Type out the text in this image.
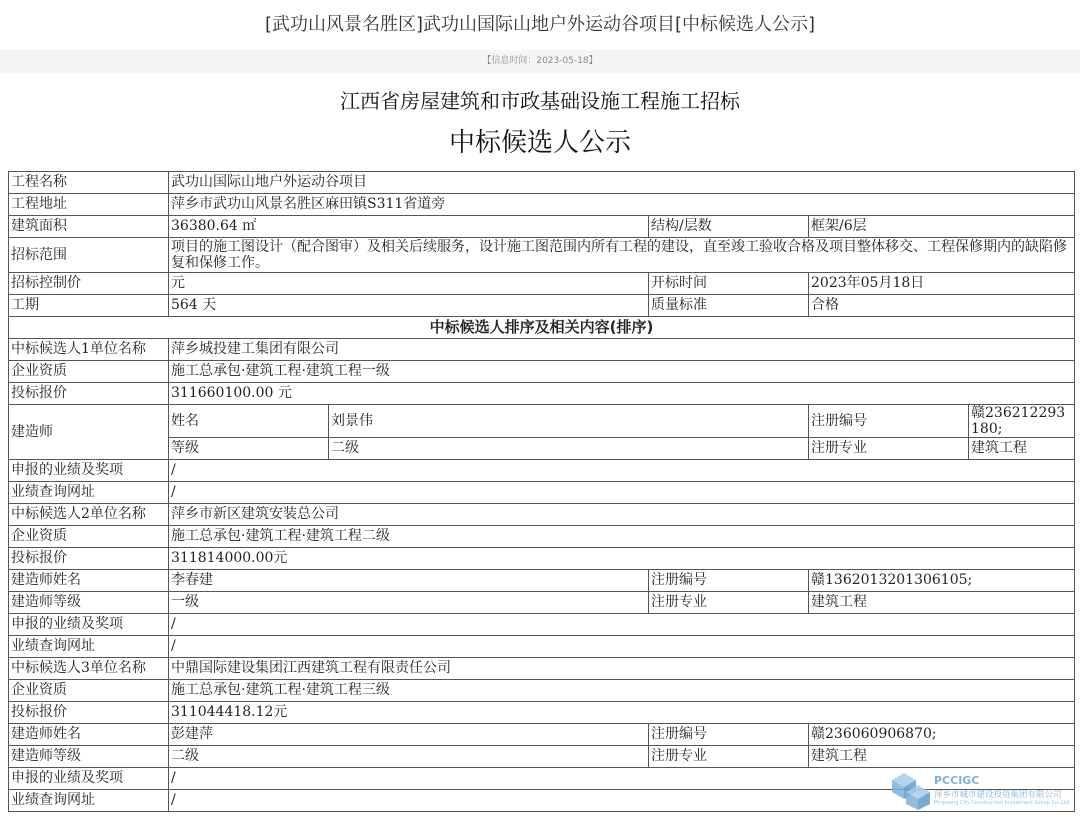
[武功山风景名胜区]武功山国际山地户外运动谷项目[中标候选人公示]
【信息时间：2023-05-18】
江西省房屋建筑和市政基础设施工程施工招标
中标候选人公示
工程名称	武功山国际山地户外运动谷项目				
工程地址	萍乡市武功山风景名胜区麻田镇S311省道旁				
建筑面积	36380.64 ㎡		结构/层数	框架/6层	
招标范围	项目的施工图设计（配合图审）及相关后续服务，设计施工图范围内所有工程的建设，直至竣工验收合格及项目整体移交、工程保修期内的缺陷修复和保修工作。				
招标控制价	元		开标时间	2023年05月18日	
工期	564 天		质量标准	合格	
中标候选人排序及相关内容(排序)					
中标候选人1单位名称	萍乡城投建工集团有限公司				
企业资质	施工总承包·建筑工程·建筑工程一级				
投标报价	311660100.00 元				
建造师	姓名	刘景伟		注册编号	赣236212293180;
	等级	二级		注册专业	建筑工程
申报的业绩及奖项	/				
业绩查询网址	/				
中标候选人2单位名称	萍乡市新区建筑安装总公司				
企业资质	施工总承包·建筑工程·建筑工程二级				
投标报价	311814000.00元				
建造师姓名	李春建		注册编号	赣1362013201306105;	
建造师等级	一级		注册专业	建筑工程	
申报的业绩及奖项	/				
业绩查询网址	/				
中标候选人3单位名称	中鼎国际建设集团江西建筑工程有限责任公司				
企业资质	施工总承包·建筑工程·建筑工程三级				
投标报价	311044418.12元				
建造师姓名	彭建萍		注册编号	赣236060906870;	
建造师等级	二级		注册专业	建筑工程	
申报的业绩及奖项	/				
业绩查询网址	/				
PCCIGC
萍乡市城市建设投资集团有限公司
Pingxiang City Construction Investment Group Co.,Ltd
